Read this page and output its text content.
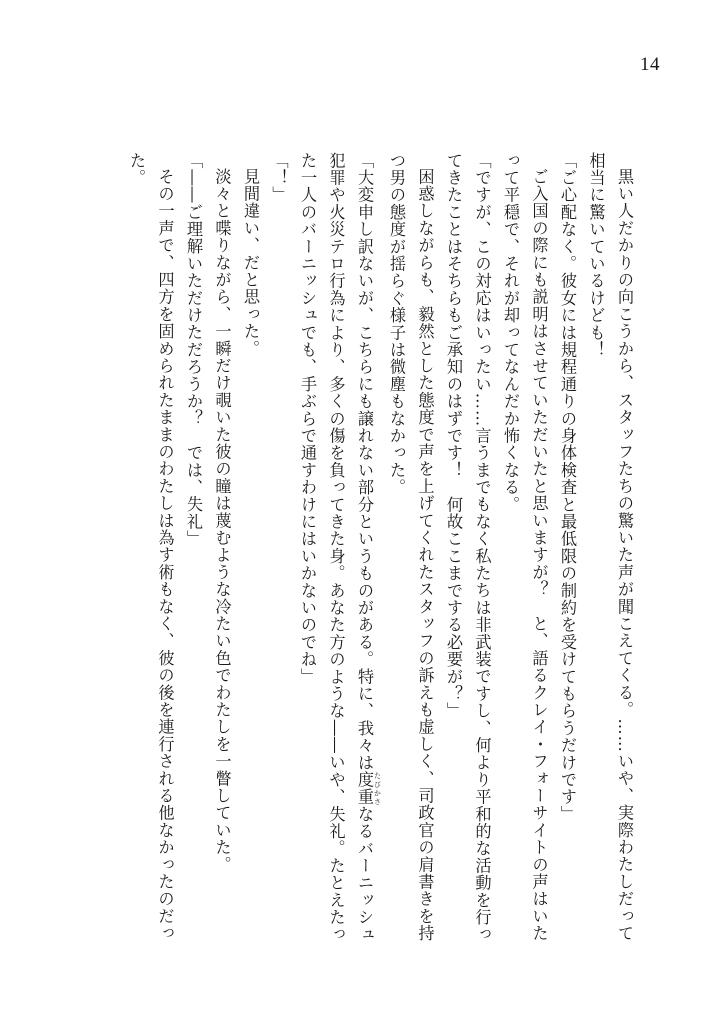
14

黒い人だかりの向こうから、スタッフたちの驚いた声が聞こえてくる。……いや、実際わたしだって相当に驚いているけども！

「ご心配なく。彼女には規程通りの身体検査と最低限の制約を受けてもらうだけです」

ご入国の際にも説明はさせていただいたと思いますが？　と、語るクレイ・フォーサイトの声はいたって平穏で、それが却ってなんだか怖くなる。

「ですが、この対応はいったい……言うまでもなく私たちは非武装ですし、何より平和的な活動を行ってきたことはそちらもご承知のはずです！　何故ここまでする必要が？」

困惑しながらも、毅然とした態度で声を上げてくれたスタッフの訴えも虚しく、司政官の肩書きを持つ男の態度が揺らぐ様子は微塵もなかった。

「大変申し訳ないが、こちらにも譲れない部分というものがある。特に、我々は度重 たびかさなるバーニッシュ犯罪や火災テロ行為により、多くの傷を負ってきた身。あなた方のような――いや、失礼。たとえたった一人のバーニッシュでも、手ぶらで通すわけにはいかないのでね」

「！」

見間違い、だと思った。

淡々と喋りながら、一瞬だけ覗いた彼の瞳は蔑むような冷たい色でわたしを一瞥していた。

「――ご理解いただけただろうか？　では、失礼」

その一声で、四方を固められたままのわたしは為す術もなく、彼の後を連行される他なかったのだった。
